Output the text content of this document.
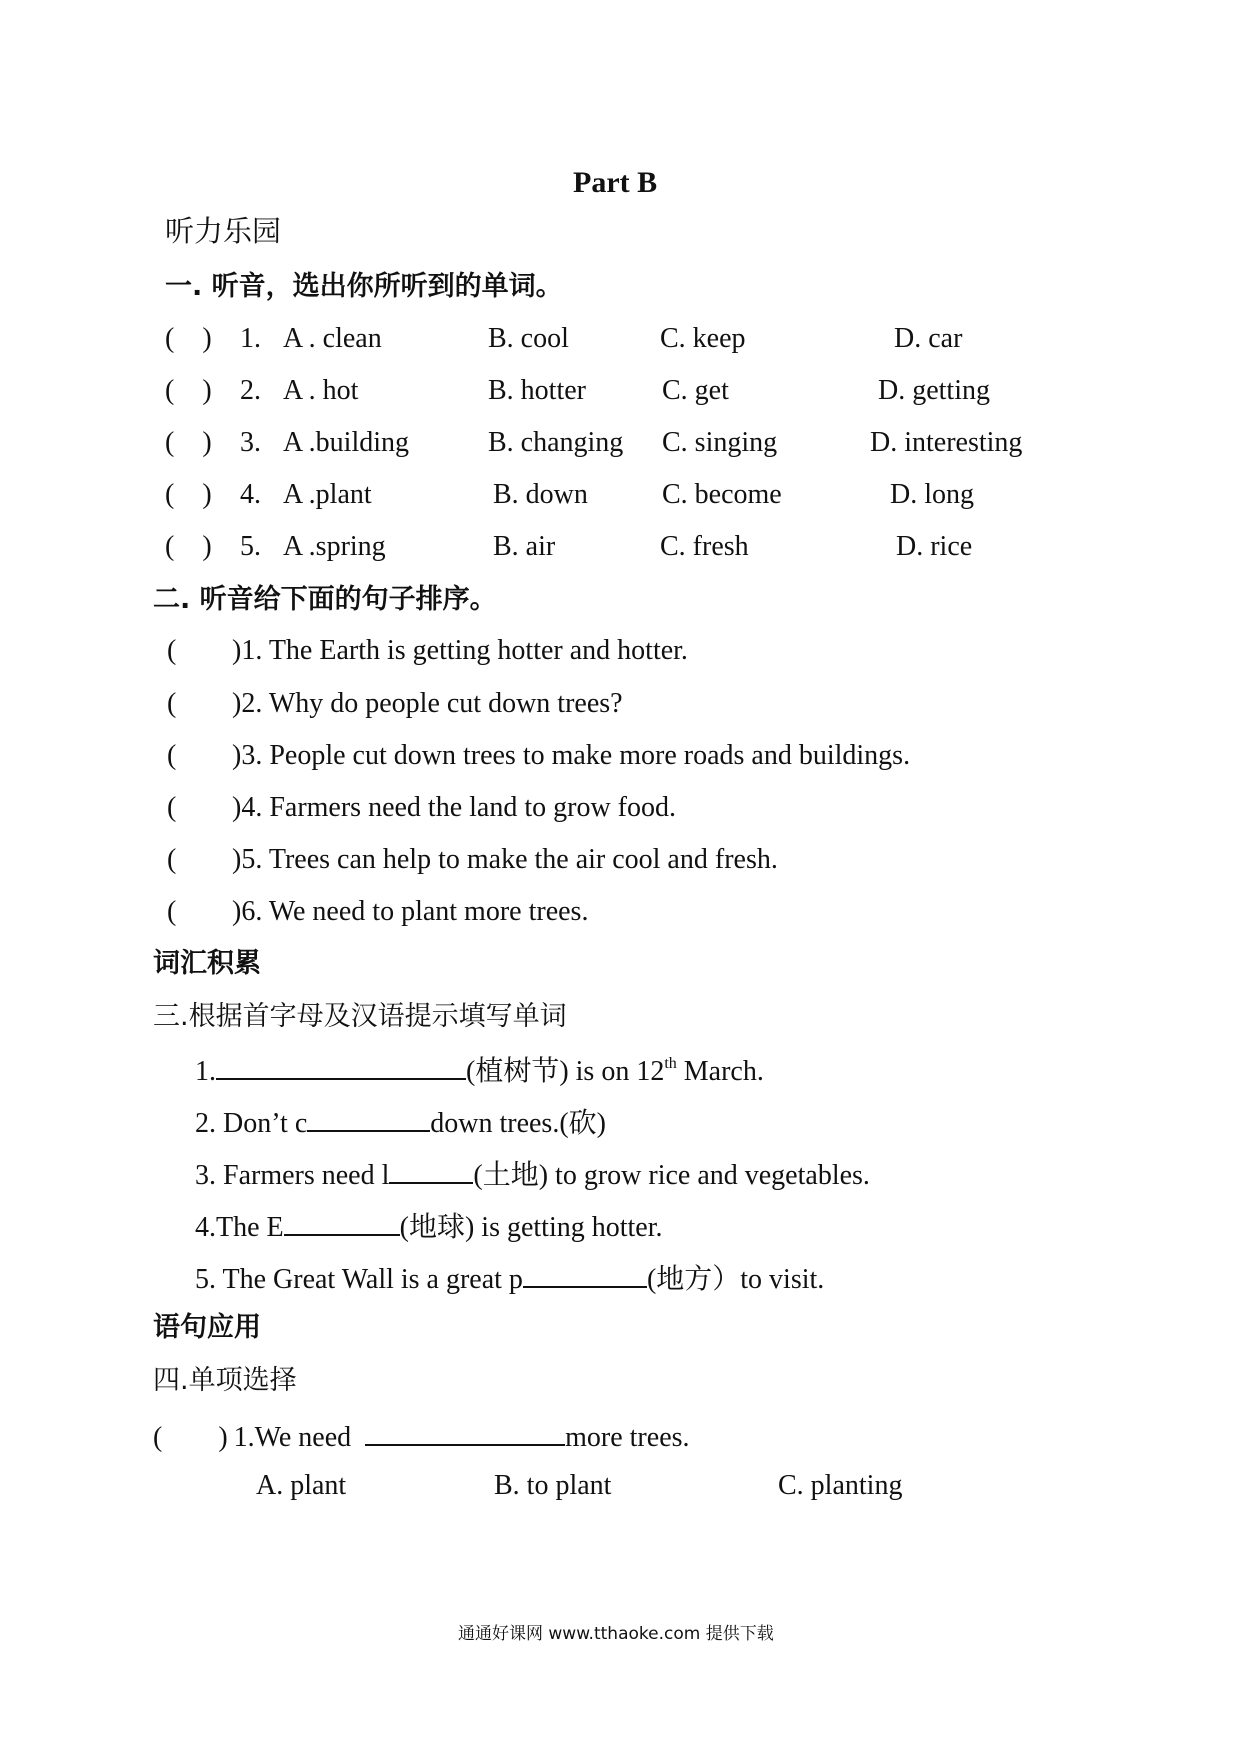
Part B
听力乐园
一. 听音，选出你所听到的单词。
(　) 1. A . clean	B. cool	C. keep	D. car
(　) 2. A . hot	B. hotter	C. get	D. getting
(　) 3. A .building	B. changing C. singing	D. interesting
(　) 4. A .plant	B. down	C. become	D. long
(　) 5. A .spring	B. air	C. fresh	D. rice
二. 听音给下面的句子排序。
( )1. The Earth is getting hotter and hotter.
( )2. Why do people cut down trees?
( )3. People cut down trees to make more roads and buildings.
( )4. Farmers need the land to grow food.
( )5. Trees can help to make the air cool and fresh.
( )6. We need to plant more trees.
词汇积累
三.根据首字母及汉语提示填写单词
1.	(植树节) is on 12th March.
2. Don’t c	down trees.(砍)
3. Farmers need l	(土地) to grow rice and vegetables.
4.The E	(地球) is getting hotter.
5. The Great Wall is a great p	(地方）to visit.
语句应用
四.单项选择
(　　) 1.We need	more trees.
A. plant	B. to plant	C. planting
通通好课网 www.tthaoke.com 提供下载
